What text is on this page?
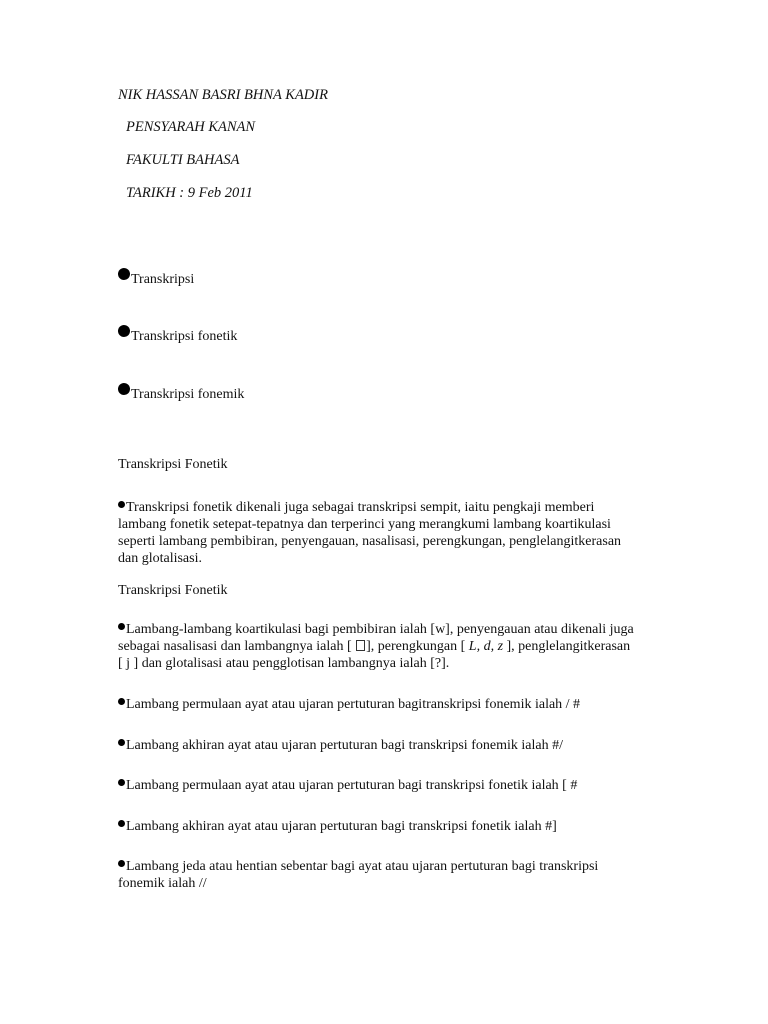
NIK HASSAN BASRI BHNA KADIR
PENSYARAH KANAN
FAKULTI BAHASA
TARIKH : 9 Feb 2011
Transkripsi
Transkripsi fonetik
Transkripsi fonemik
Transkripsi Fonetik
Transkripsi fonetik dikenali juga sebagai transkripsi sempit, iaitu pengkaji memberi
lambang fonetik setepat-tepatnya dan terperinci yang merangkumi lambang koartikulasi
seperti lambang pembibiran, penyengauan, nasalisasi, perengkungan, penglelangitkerasan
dan glotalisasi.
Transkripsi Fonetik
Lambang-lambang koartikulasi bagi pembibiran ialah [w], penyengauan atau dikenali juga
sebagai nasalisasi dan lambangnya ialah [ ], perengkungan [ L, d, z ], penglelangitkerasan
[ j ] dan glotalisasi atau pengglotisan lambangnya ialah [?].
Lambang permulaan ayat atau ujaran pertuturan bagitranskripsi fonemik ialah / #
Lambang akhiran ayat atau ujaran pertuturan bagi transkripsi fonemik ialah #/
Lambang permulaan ayat atau ujaran pertuturan bagi transkripsi fonetik ialah [ #
Lambang akhiran ayat atau ujaran pertuturan bagi transkripsi fonetik ialah #]
Lambang jeda atau hentian sebentar bagi ayat atau ujaran pertuturan bagi transkripsi
fonemik ialah //
